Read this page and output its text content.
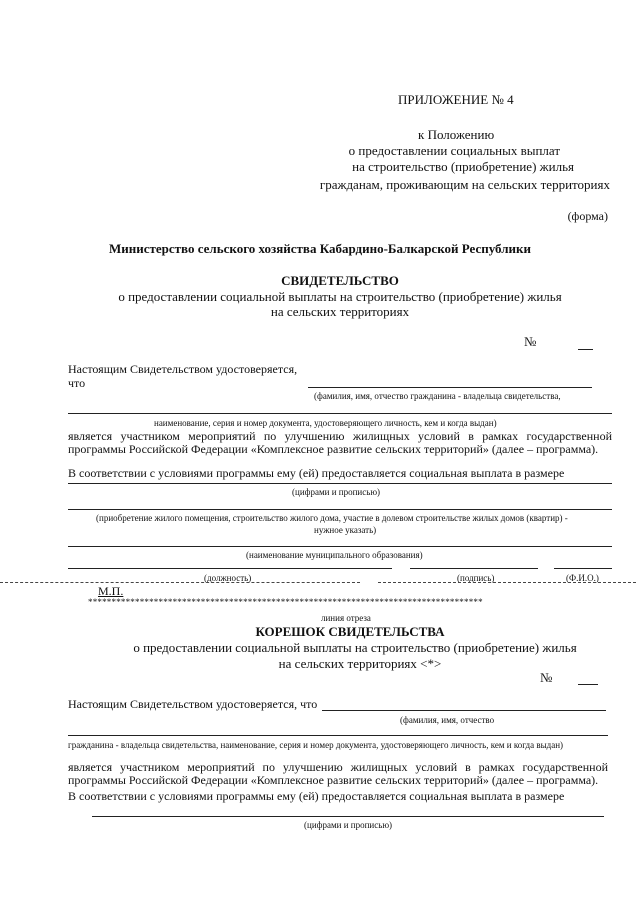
ПРИЛОЖЕНИЕ № 4
к Положению
о предоставлении социальных выплат
на строительство (приобретение) жилья
гражданам, проживающим на сельских территориях
(форма)
Министерство сельского хозяйства Кабардино-Балкарской Республики
СВИДЕТЕЛЬСТВО
о предоставлении социальной выплаты на строительство (приобретение) жилья
на сельских территориях
№
Настоящим Свидетельством удостоверяется,
что
(фамилия, имя, отчество гражданина - владельца свидетельства,
наименование, серия и номер документа, удостоверяющего личность, кем и когда выдан)
является участником мероприятий по улучшению жилищных условий в рамках государственной программы Российской Федерации «Комплексное развитие сельских территорий» (далее – программа).
В соответствии с условиями программы ему (ей) предоставляется социальная выплата в размере
(цифрами и прописью)
(приобретение жилого помещения, строительство жилого дома, участие в долевом строительстве жилых домов (квартир) -
нужное указать)
(наименование муниципального образования)
(должность)	(подпись)	(Ф.И.О.)
М.П.
************************************************************************************
линия отреза
КОРЕШОК СВИДЕТЕЛЬСТВА
о предоставлении социальной выплаты на строительство (приобретение) жилья
на сельских территориях <*>
№
Настоящим Свидетельством удостоверяется, что
(фамилия, имя, отчество
гражданина - владельца свидетельства, наименование, серия и номер документа, удостоверяющего личность, кем и когда выдан)
является участником мероприятий по улучшению жилищных условий в рамках государственной программы Российской Федерации «Комплексное развитие сельских территорий» (далее – программа).
В соответствии с условиями программы ему (ей) предоставляется социальная выплата в размере
(цифрами и прописью)
